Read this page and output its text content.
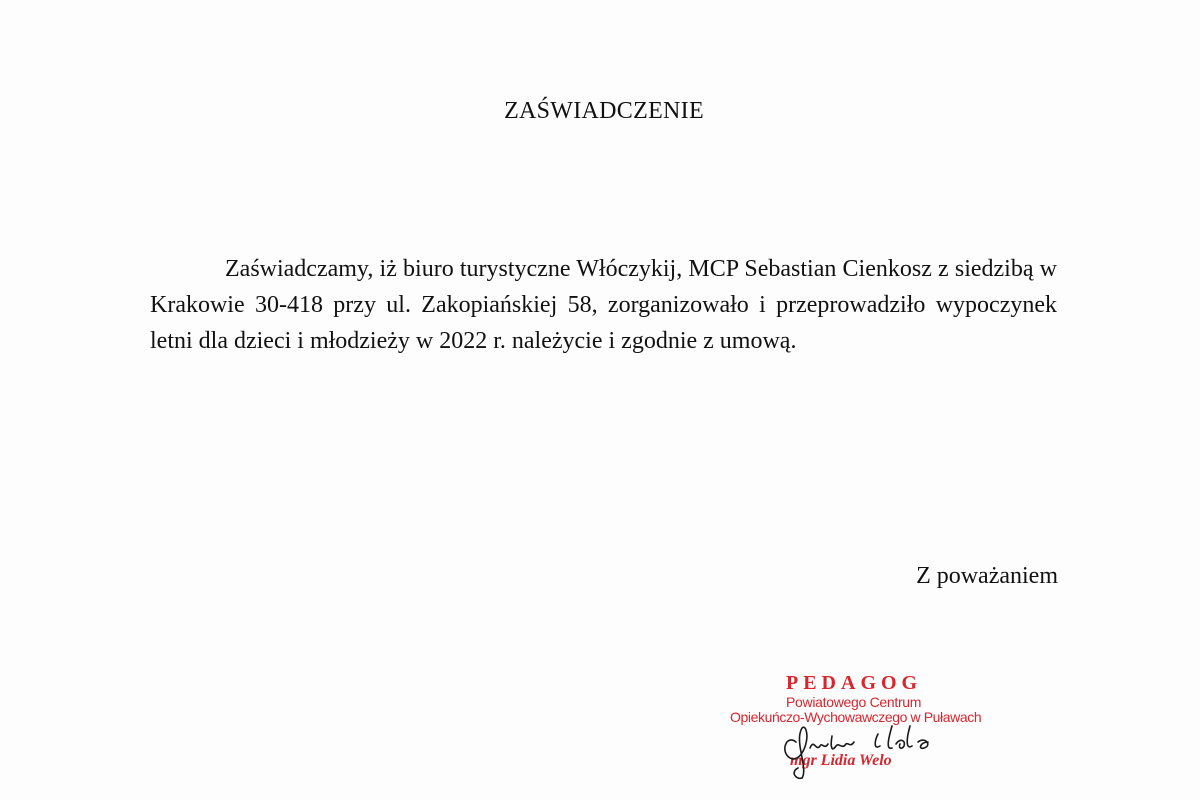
ZAŚWIADCZENIE

Zaświadczamy, iż biuro turystyczne Włóczykij, MCP Sebastian Cienkosz z siedzibą w Krakowie 30-418 przy ul. Zakopiańskiej 58, zorganizowało i przeprowadziło wypoczynek letni dla dzieci i młodzieży w 2022 r. należycie i zgodnie z umową.

Z poważaniem
PEDAGOG
Powiatowego Centrum
Opiekuńczo-Wychowawczego w Puławach
mgr Lidia Welo
